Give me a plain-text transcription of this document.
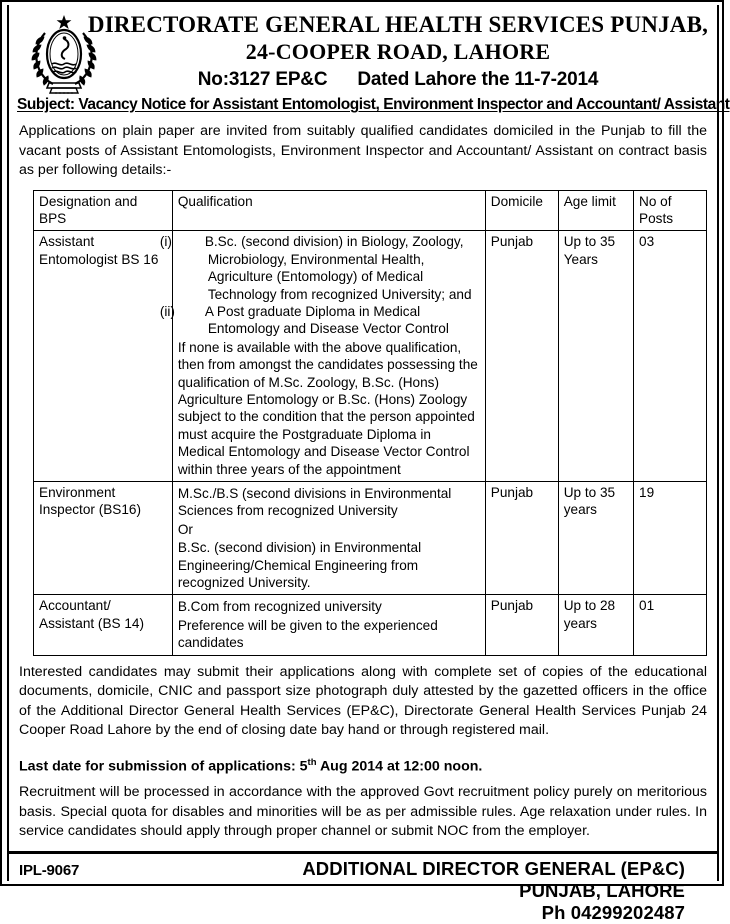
DIRECTORATE GENERAL HEALTH SERVICES PUNJAB,
24-COOPER ROAD, LAHORE
No:3127 EP&C Dated Lahore the 11-7-2014
Subject: Vacancy Notice for Assistant Entomologist, Environment Inspector and Accountant/ Assistant
Applications on plain paper are invited from suitably qualified candidates domiciled in the Punjab to fill the vacant posts of Assistant Entomologists, Environment Inspector and Accountant/ Assistant on contract basis as per following details:-
Designation and BPS	Qualification	Domicile	Age limit	No of Posts
Assistant Entomologist BS 16	(i) B.Sc. (second division) in Biology, Zoology, Microbiology, Environmental Health, Agriculture (Entomology) of Medical Technology from recognized University; and
(ii) A Post graduate Diploma in Medical Entomology and Disease Vector Control
If none is available with the above qualification, then from amongst the candidates possessing the qualification of M.Sc. Zoology, B.Sc. (Hons) Agriculture Entomology or B.Sc. (Hons) Zoology subject to the condition that the person appointed must acquire the Postgraduate Diploma in Medical Entomology and Disease Vector Control within three years of the appointment	Punjab	Up to 35 Years	03
Environment Inspector (BS16)	M.Sc./B.S (second divisions in Environmental Sciences from recognized University
Or
B.Sc. (second division) in Environmental Engineering/Chemical Engineering from recognized University.	Punjab	Up to 35 years	19
Accountant/ Assistant (BS 14)	B.Com from recognized university
Preference will be given to the experienced candidates	Punjab	Up to 28 years	01
Interested candidates may submit their applications along with complete set of copies of the educational documents, domicile, CNIC and passport size photograph duly attested by the gazetted officers in the office of the Additional Director General Health Services (EP&C), Directorate General Health Services Punjab 24 Cooper Road Lahore by the end of closing date bay hand or through registered mail.
Last date for submission of applications: 5th Aug 2014 at 12:00 noon.
Recruitment will be processed in accordance with the approved Govt recruitment policy purely on meritorious basis. Special quota for disables and minorities will be as per admissible rules. Age relaxation under rules. In service candidates should apply through proper channel or submit NOC from the employer.
ADDITIONAL DIRECTOR GENERAL (EP&C)
PUNJAB, LAHORE
Ph 04299202487
IPL-9067
